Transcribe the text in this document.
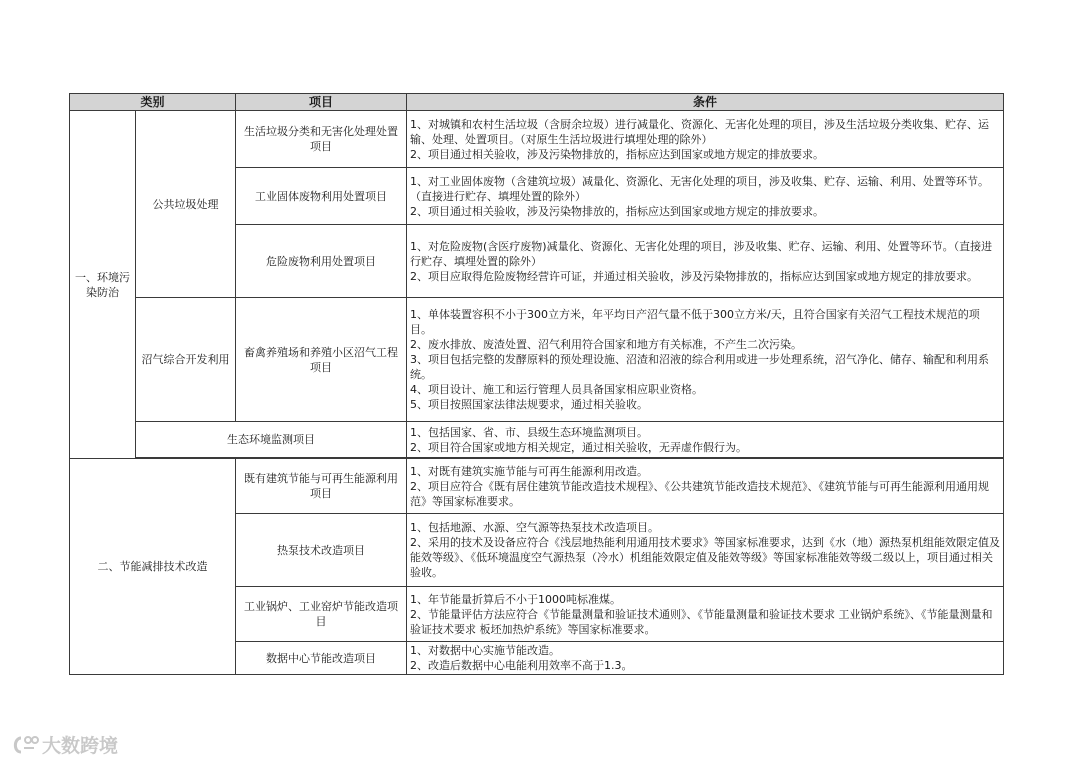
类别		项目	条件
一、环境污染防治	公共垃圾处理	生活垃圾分类和无害化处理处置项目	1、对城镇和农村生活垃圾（含厨余垃圾）进行减量化、资源化、无害化处理的项目，涉及生活垃圾分类收集、贮存、运输、处理、处置项目。（对原生生活垃圾进行填埋处理的除外）
2、项目通过相关验收，涉及污染物排放的，指标应达到国家或地方规定的排放要求。

		工业固体废物利用处置项目	1、对工业固体废物（含建筑垃圾）减量化、资源化、无害化处理的项目，涉及收集、贮存、运输、利用、处置等环节。（直接进行贮存、填埋处置的除外）
2、项目通过相关验收，涉及污染物排放的，指标应达到国家或地方规定的排放要求。

		危险废物利用处置项目	1、对危险废物(含医疗废物)减量化、资源化、无害化处理的项目，涉及收集、贮存、运输、利用、处置等环节。（直接进行贮存、填埋处置的除外）
2、项目应取得危险废物经营许可证，并通过相关验收，涉及污染物排放的，指标应达到国家或地方规定的排放要求。

	沼气综合开发利用	畜禽养殖场和养殖小区沼气工程项目	1、单体装置容积不小于300立方米，年平均日产沼气量不低于300立方米/天，且符合国家有关沼气工程技术规范的项目。
2、废水排放、废渣处置、沼气利用符合国家和地方有关标准，不产生二次污染。
3、项目包括完整的发酵原料的预处理设施、沼渣和沼液的综合利用或进一步处理系统，沼气净化、储存、输配和利用系统。
4、项目设计、施工和运行管理人员具备国家相应职业资格。
5、项目按照国家法律法规要求，通过相关验收。

	生态环境监测项目		1、包括国家、省、市、县级生态环境监测项目。
2、项目符合国家或地方相关规定，通过相关验收，无弄虚作假行为。

二、节能减排技术改造		既有建筑节能与可再生能源利用项目	1、对既有建筑实施节能与可再生能源利用改造。
2、项目应符合《既有居住建筑节能改造技术规程》、《公共建筑节能改造技术规范》、《建筑节能与可再生能源利用通用规范》等国家标准要求。

		热泵技术改造项目	1、包括地源、水源、空气源等热泵技术改造项目。
2、采用的技术及设备应符合《浅层地热能利用通用技术要求》等国家标准要求，达到《水（地）源热泵机组能效限定值及能效等级》、《低环境温度空气源热泵（冷水）机组能效限定值及能效等级》等国家标准能效等级二级以上，项目通过相关验收。

		工业锅炉、工业窑炉节能改造项目	1、年节能量折算后不小于1000吨标准煤。
2、节能量评估方法应符合《节能量测量和验证技术通则》、《节能量测量和验证技术要求 工业锅炉系统》、《节能量测量和验证技术要求 板坯加热炉系统》等国家标准要求。

		数据中心节能改造项目	1、对数据中心实施节能改造。
2、改造后数据中心电能利用效率不高于1.3。
大数跨境
